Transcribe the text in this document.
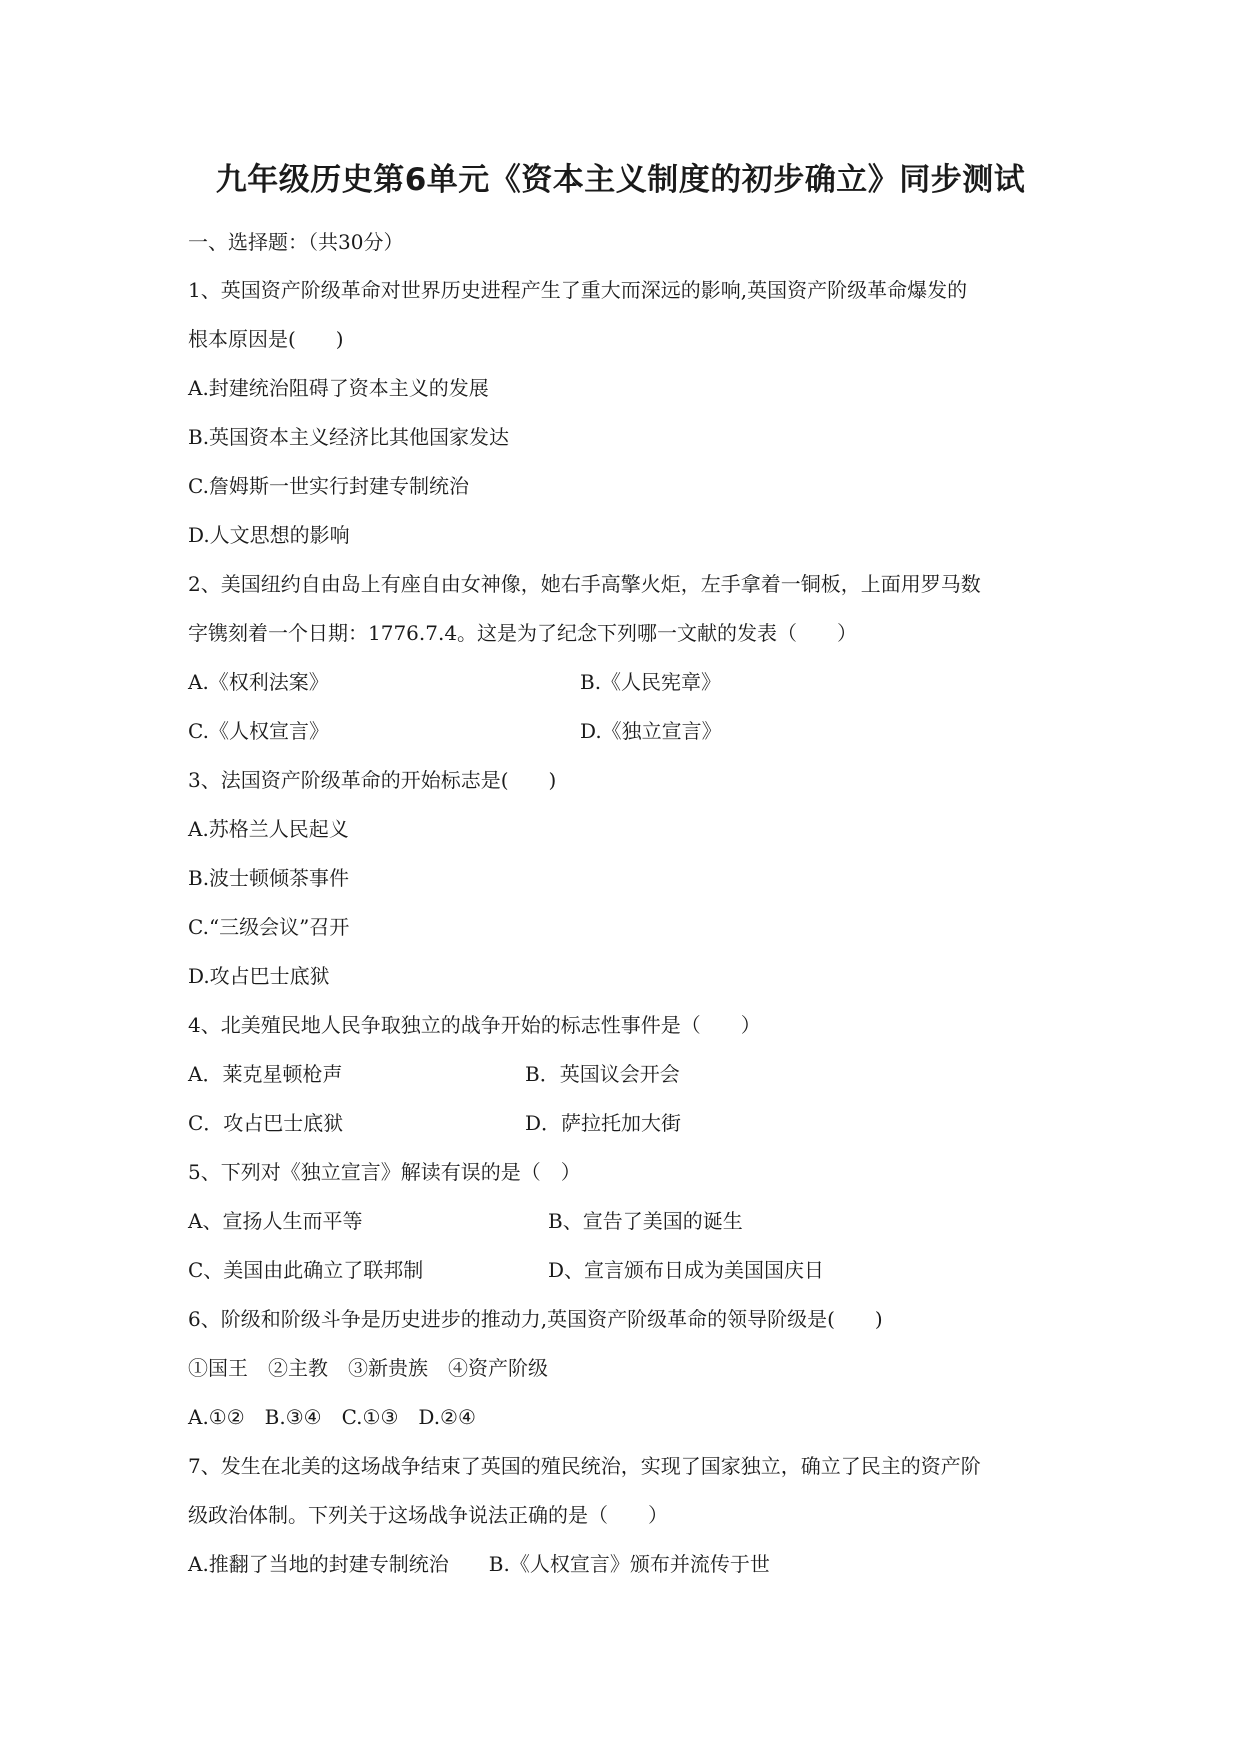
九年级历史第6单元《资本主义制度的初步确立》同步测试
一、选择题：（共30分）
1、英国资产阶级革命对世界历史进程产生了重大而深远的影响,英国资产阶级革命爆发的
根本原因是(　　)
A.封建统治阻碍了资本主义的发展
B.英国资本主义经济比其他国家发达
C.詹姆斯一世实行封建专制统治
D.人文思想的影响
2、美国纽约自由岛上有座自由女神像，她右手高擎火炬，左手拿着一铜板，上面用罗马数
字镌刻着一个日期：1776.7.4。这是为了纪念下列哪一文献的发表（　　）
A.《权利法案》	B.《人民宪章》
C.《人权宣言》	D.《独立宣言》
3、法国资产阶级革命的开始标志是(　　)
A.苏格兰人民起义
B.波士顿倾茶事件
C.“三级会议”召开
D.攻占巴士底狱
4、北美殖民地人民争取独立的战争开始的标志性事件是（　　）
A．莱克星顿枪声	B．英国议会开会
C．攻占巴士底狱	D．萨拉托加大街
5、下列对《独立宣言》解读有误的是（　）
A、宣扬人生而平等	B、宣告了美国的诞生
C、美国由此确立了联邦制	D、宣言颁布日成为美国国庆日
6、阶级和阶级斗争是历史进步的推动力,英国资产阶级革命的领导阶级是(　　)
①国王　②主教　③新贵族　④资产阶级
A.①②　B.③④　C.①③　D.②④
7、发生在北美的这场战争结束了英国的殖民统治，实现了国家独立，确立了民主的资产阶
级政治体制。下列关于这场战争说法正确的是（　　）
A.推翻了当地的封建专制统治　　B.《人权宣言》颁布并流传于世
